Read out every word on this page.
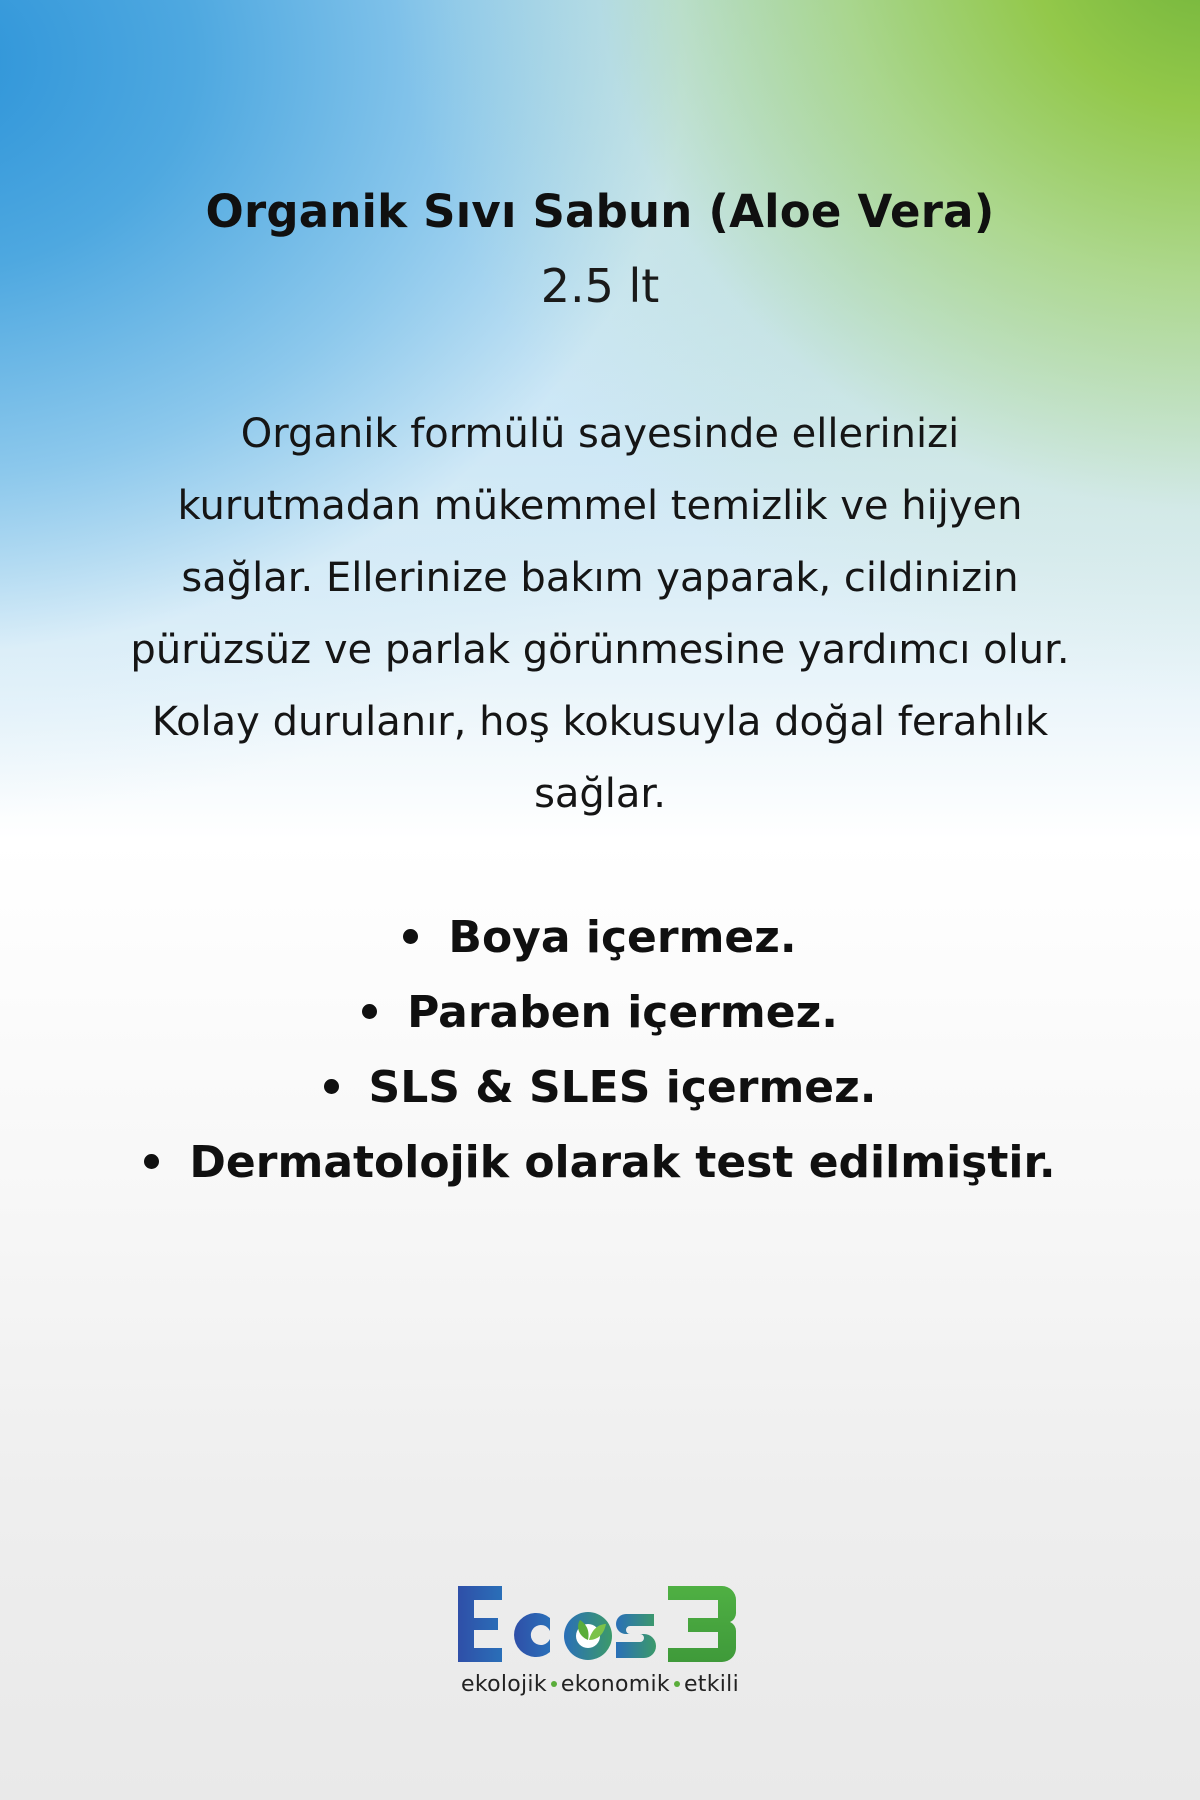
Organik Sıvı Sabun (Aloe Vera)
2.5 lt
Organik formülü sayesinde ellerinizi kurutmadan mükemmel temizlik ve hijyen sağlar. Ellerinize bakım yaparak, cildinizin pürüzsüz ve parlak görünmesine yardımcı olur. Kolay durulanır, hoş kokusuyla doğal ferahlık sağlar.
Boya içermez.
Paraben içermez.
SLS & SLES içermez.
Dermatolojik olarak test edilmiştir.
ekolojik ekonomik etkili
